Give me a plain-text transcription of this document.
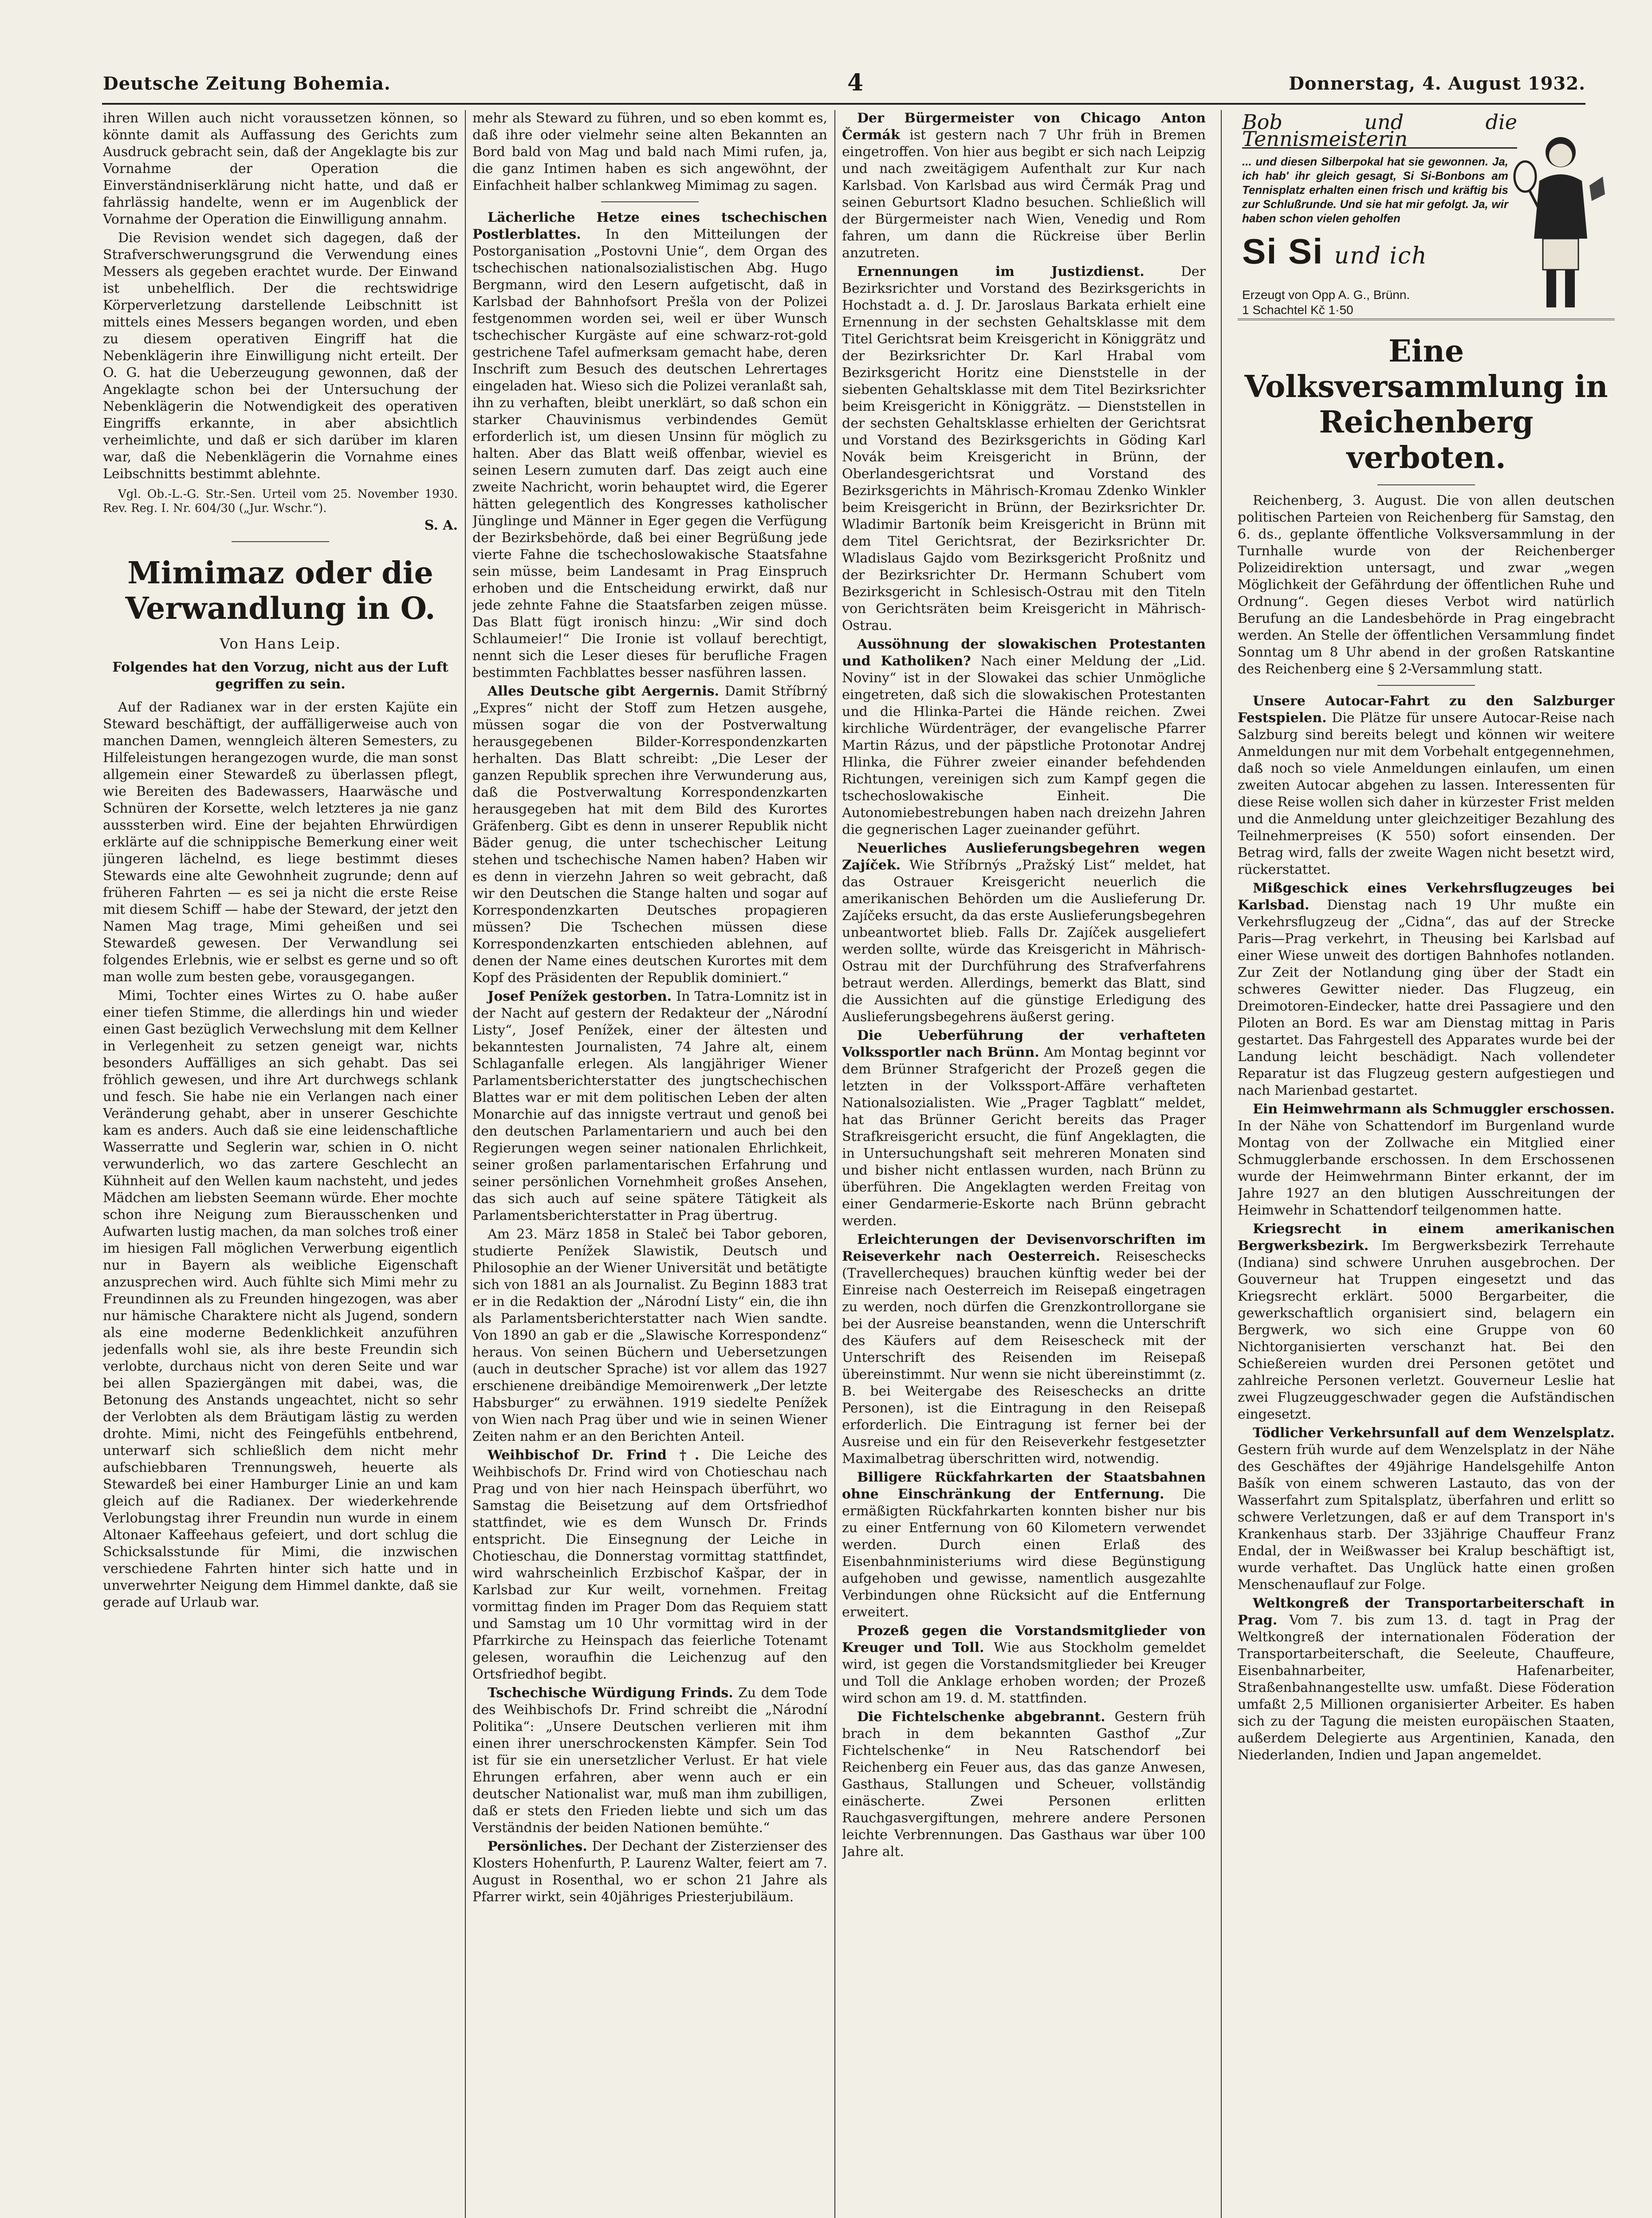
Deutsche Zeitung Bohemia.	4	Donnerstag, 4. August 1932.

ihren Willen auch nicht voraussetzen können, so könnte damit als Auffassung des Gerichts zum Ausdruck gebracht sein, daß der Angeklagte bis zur Vornahme der Operation die Einverständniserklärung nicht hatte, und daß er fahrlässig handelte, wenn er im Augenblick der Vornahme der Operation die Einwilligung annahm.

Die Revision wendet sich dagegen, daß der Strafverschwerungsgrund die Verwendung eines Messers als gegeben erachtet wurde. Der Einwand ist unbehelflich. Der die rechtswidrige Körperverletzung darstellende Leibschnitt ist mittels eines Messers begangen worden, und eben zu diesem operativen Eingriff hat die Nebenklägerin ihre Einwilligung nicht erteilt. Der O. G. hat die Ueberzeugung gewonnen, daß der Angeklagte schon bei der Untersuchung der Nebenklägerin die Notwendigkeit des operativen Eingriffs erkannte, in aber absichtlich verheimlichte, und daß er sich darüber im klaren war, daß die Nebenklägerin die Vornahme eines Leibschnitts bestimmt ablehnte.

Vgl. Ob.-L.-G. Str.-Sen. Urteil vom 25. November 1930. Rev. Reg. I. Nr. 604/30 („Jur. Wschr.“).

S. A.
Mimimaz oder die Verwandlung in O.
Von Hans Leip.
Folgendes hat den Vorzug, nicht aus der Luft gegriffen zu sein.

Auf der Radianex war in der ersten Kajüte ein Steward beschäftigt, der auffälligerweise auch von manchen Damen, wenngleich älteren Semesters, zu Hilfeleistungen herangezogen wurde, die man sonst allgemein einer Stewardeß zu überlassen pflegt, wie Bereiten des Badewassers, Haarwäsche und Schnüren der Korsette, welch letzteres ja nie ganz ausssterben wird. Eine der bejahten Ehrwürdigen erklärte auf die schnippische Bemerkung einer weit jüngeren lächelnd, es liege bestimmt dieses Stewards eine alte Gewohnheit zugrunde; denn auf früheren Fahrten — es sei ja nicht die erste Reise mit diesem Schiff — habe der Steward, der jetzt den Namen Mag trage, Mimi geheißen und sei Stewardeß gewesen. Der Verwandlung sei folgendes Erlebnis, wie er selbst es gerne und so oft man wolle zum besten gebe, vorausgegangen.

Mimi, Tochter eines Wirtes zu O. habe außer einer tiefen Stimme, die allerdings hin und wieder einen Gast bezüglich Verwechslung mit dem Kellner in Verlegenheit zu setzen geneigt war, nichts besonders Auffälliges an sich gehabt. Das sei fröhlich gewesen, und ihre Art durchwegs schlank und fesch. Sie habe nie ein Verlangen nach einer Veränderung gehabt, aber in unserer Geschichte kam es anders. Auch daß sie eine leidenschaftliche Wasserratte und Seglerin war, schien in O. nicht verwunderlich, wo das zartere Geschlecht an Kühnheit auf den Wellen kaum nachsteht, und jedes Mädchen am liebsten Seemann würde. Eher mochte schon ihre Neigung zum Bierausschenken und Aufwarten lustig machen, da man solches troß einer im hiesigen Fall möglichen Verwerbung eigentlich nur in Bayern als weibliche Eigenschaft anzusprechen wird. Auch fühlte sich Mimi mehr zu Freundinnen als zu Freunden hingezogen, was aber nur hämische Charaktere nicht als Jugend, sondern als eine moderne Bedenklichkeit anzuführen jedenfalls wohl sie, als ihre beste Freundin sich verlobte, durchaus nicht von deren Seite und war bei allen Spaziergängen mit dabei, was, die Betonung des Anstands ungeachtet, nicht so sehr der Verlobten als dem Bräutigam lästig zu werden drohte. Mimi, nicht des Feingefühls entbehrend, unterwarf sich schließlich dem nicht mehr aufschiebbaren Trennungsweh, heuerte als Stewardeß bei einer Hamburger Linie an und kam gleich auf die Radianex. Der wiederkehrende Verlobungstag ihrer Freundin nun wurde in einem Altonaer Kaffeehaus gefeiert, und dort schlug die Schicksalsstunde für Mimi, die inzwischen verschiedene Fahrten hinter sich hatte und in unverwehrter Neigung dem Himmel dankte, daß sie gerade auf Urlaub war.

mehr als Steward zu führen, und so eben kommt es, daß ihre oder vielmehr seine alten Bekannten an Bord bald von Mag und bald nach Mimi rufen, ja, die ganz Intimen haben es sich angewöhnt, der Einfachheit halber schlankweg Mimimag zu sagen.

Lächerliche Hetze eines tschechischen Postlerblattes. In den Mitteilungen der Postorganisation „Postovni Unie“, dem Organ des tschechischen nationalsozialistischen Abg. Hugo Bergmann, wird den Lesern aufgetischt, daß in Karlsbad der Bahnhofsort Prešla von der Polizei festgenommen worden sei, weil er über Wunsch tschechischer Kurgäste auf eine schwarz-rot-gold gestrichene Tafel aufmerksam gemacht habe, deren Inschrift zum Besuch des deutschen Lehrertages eingeladen hat. Wieso sich die Polizei veranlaßt sah, ihn zu verhaften, bleibt unerklärt, so daß schon ein starker Chauvinismus verbindendes Gemüt erforderlich ist, um diesen Unsinn für möglich zu halten. Aber das Blatt weiß offenbar, wieviel es seinen Lesern zumuten darf. Das zeigt auch eine zweite Nachricht, worin behauptet wird, die Egerer hätten gelegentlich des Kongresses katholischer Jünglinge und Männer in Eger gegen die Verfügung der Bezirksbehörde, daß bei einer Begrüßung jede vierte Fahne die tschechoslowakische Staatsfahne sein müsse, beim Landesamt in Prag Einspruch erhoben und die Entscheidung erwirkt, daß nur jede zehnte Fahne die Staatsfarben zeigen müsse. Das Blatt fügt ironisch hinzu: „Wir sind doch Schlaumeier!“ Die Ironie ist vollauf berechtigt, nennt sich die Leser dieses für berufliche Fragen bestimmten Fachblattes besser nasführen lassen.

Alles Deutsche gibt Aergernis. Damit Stříbrný „Expres“ nicht der Stoff zum Hetzen ausgehe, müssen sogar die von der Postverwaltung herausgegebenen Bilder-Korrespondenzkarten herhalten. Das Blatt schreibt: „Die Leser der ganzen Republik sprechen ihre Verwunderung aus, daß die Postverwaltung Korrespondenzkarten herausgegeben hat mit dem Bild des Kurortes Gräfenberg. Gibt es denn in unserer Republik nicht Bäder genug, die unter tschechischer Leitung stehen und tschechische Namen haben? Haben wir es denn in vierzehn Jahren so weit gebracht, daß wir den Deutschen die Stange halten und sogar auf Korrespondenzkarten Deutsches propagieren müssen? Die Tschechen müssen diese Korrespondenzkarten entschieden ablehnen, auf denen der Name eines deutschen Kurortes mit dem Kopf des Präsidenten der Republik dominiert.“

Josef Penížek gestorben. In Tatra-Lomnitz ist in der Nacht auf gestern der Redakteur der „Národní Listy“, Josef Penížek, einer der ältesten und bekanntesten Journalisten, 74 Jahre alt, einem Schlaganfalle erlegen. Als langjähriger Wiener Parlamentsberichterstatter des jungtschechischen Blattes war er mit dem politischen Leben der alten Monarchie auf das innigste vertraut und genoß bei den deutschen Parlamentariern und auch bei den Regierungen wegen seiner nationalen Ehrlichkeit, seiner großen parlamentarischen Erfahrung und seiner persönlichen Vornehmheit großes Ansehen, das sich auch auf seine spätere Tätigkeit als Parlamentsberichterstatter in Prag übertrug.

Am 23. März 1858 in Staleč bei Tabor geboren, studierte Penížek Slawistik, Deutsch und Philosophie an der Wiener Universität und betätigte sich von 1881 an als Journalist. Zu Beginn 1883 trat er in die Redaktion der „Národní Listy“ ein, die ihn als Parlamentsberichterstatter nach Wien sandte. Von 1890 an gab er die „Slawische Korrespondenz“ heraus. Von seinen Büchern und Uebersetzungen (auch in deutscher Sprache) ist vor allem das 1927 erschienene dreibändige Memoirenwerk „Der letzte Habsburger“ zu erwähnen. 1919 siedelte Penížek von Wien nach Prag über und wie in seinen Wiener Zeiten nahm er an den Berichten Anteil.

Weihbischof Dr. Frind †. Die Leiche des Weihbischofs Dr. Frind wird von Chotieschau nach Prag und von hier nach Heinspach überführt, wo Samstag die Beisetzung auf dem Ortsfriedhof stattfindet, wie es dem Wunsch Dr. Frinds entspricht. Die Einsegnung der Leiche in Chotieschau, die Donnerstag vormittag stattfindet, wird wahrscheinlich Erzbischof Kašpar, der in Karlsbad zur Kur weilt, vornehmen. Freitag vormittag finden im Prager Dom das Requiem statt und Samstag um 10 Uhr vormittag wird in der Pfarrkirche zu Heinspach das feierliche Totenamt gelesen, woraufhin die Leichenzug auf den Ortsfriedhof begibt.

Tschechische Würdigung Frinds. Zu dem Tode des Weihbischofs Dr. Frind schreibt die „Národní Politika“: „Unsere Deutschen verlieren mit ihm einen ihrer unerschrockensten Kämpfer. Sein Tod ist für sie ein unersetzlicher Verlust. Er hat viele Ehrungen erfahren, aber wenn auch er ein deutscher Nationalist war, muß man ihm zubilligen, daß er stets den Frieden liebte und sich um das Verständnis der beiden Nationen bemühte.“

Persönliches. Der Dechant der Zisterzienser des Klosters Hohenfurth, P. Laurenz Walter, feiert am 7. August in Rosenthal, wo er schon 21 Jahre als Pfarrer wirkt, sein 40jähriges Priesterjubiläum.

Der Bürgermeister von Chicago Anton Čermák ist gestern nach 7 Uhr früh in Bremen eingetroffen. Von hier aus begibt er sich nach Leipzig und nach zweitägigem Aufenthalt zur Kur nach Karlsbad. Von Karlsbad aus wird Čermák Prag und seinen Geburtsort Kladno besuchen. Schließlich will der Bürgermeister nach Wien, Venedig und Rom fahren, um dann die Rückreise über Berlin anzutreten.

Ernennungen im Justizdienst.	Der Bezirksrichter und Vorstand des Bezirksgerichts in Hochstadt a. d. J. Dr. Jaroslaus Barkata erhielt eine Ernennung in der sechsten Gehaltsklasse mit dem Titel Gerichtsrat beim Kreisgericht in Königgrätz und der Bezirksrichter Dr. Karl Hrabal vom Bezirksgericht Horitz eine Dienststelle in der siebenten Gehaltsklasse mit dem Titel Bezirksrichter beim Kreisgericht in Königgrätz. — Dienststellen in der sechsten Gehaltsklasse erhielten der Gerichtsrat und Vorstand des Bezirksgerichts in Göding Karl Novák beim Kreisgericht in Brünn, der Oberlandesgerichtsrat und Vorstand des Bezirksgerichts in Mährisch-Kromau Zdenko Winkler beim Kreisgericht in Brünn, der Bezirksrichter Dr. Wladimir Bartoník beim Kreisgericht in Brünn mit dem Titel Gerichtsrat, der Bezirksrichter Dr. Wladislaus Gajdo vom Bezirksgericht Proßnitz und der Bezirksrichter Dr. Hermann Schubert vom Bezirksgericht in Schlesisch-Ostrau mit den Titeln von Gerichtsräten beim Kreisgericht in Mährisch-Ostrau.

Aussöhnung der slowakischen Protestanten und Katholiken? Nach einer Meldung der „Lid. Noviny“ ist in der Slowakei das schier Unmögliche eingetreten, daß sich die slowakischen Protestanten und die Hlinka-Partei die Hände reichen. Zwei kirchliche Würdenträger, der evangelische Pfarrer Martin Rázus, und der päpstliche Protonotar Andrej Hlinka, die Führer zweier einander befehdenden Richtungen, vereinigen sich zum Kampf gegen die tschechoslowakische Einheit. Die Autonomiebestrebungen haben nach dreizehn Jahren die gegnerischen Lager zueinander geführt.

Neuerliches Auslieferungsbegehren wegen Zajíček. Wie Stříbrnýs „Pražský List“ meldet, hat das Ostrauer Kreisgericht neuerlich die amerikanischen Behörden um die Auslieferung Dr. Zajíčeks ersucht, da das erste Auslieferungsbegehren unbeantwortet blieb. Falls Dr. Zajíček ausgeliefert werden sollte, würde das Kreisgericht in Mährisch-Ostrau mit der Durchführung des Strafverfahrens betraut werden. Allerdings, bemerkt das Blatt, sind die Aussichten auf die günstige Erledigung des Auslieferungsbegehrens äußerst gering.

Die Ueberführung der verhafteten Volkssportler nach Brünn. Am Montag beginnt vor dem Brünner Strafgericht der Prozeß gegen die letzten in der Volkssport-Affäre verhafteten Nationalsozialisten. Wie „Prager Tagblatt“ meldet, hat das Brünner Gericht bereits das Prager Strafkreisgericht ersucht, die fünf Angeklagten, die in Untersuchungshaft seit mehreren Monaten sind und bisher nicht entlassen wurden, nach Brünn zu überführen. Die Angeklagten werden Freitag von einer Gendarmerie-Eskorte nach Brünn gebracht werden.

Erleichterungen der Devisenvorschriften im Reiseverkehr nach Oesterreich. Reiseschecks (Travellercheques) brauchen künftig weder bei der Einreise nach Oesterreich im Reisepaß eingetragen zu werden, noch dürfen die Grenzkontrollorgane sie bei der Ausreise beanstanden, wenn die Unterschrift des Käufers auf dem Reisescheck mit der Unterschrift des Reisenden im Reisepaß übereinstimmt. Nur wenn sie nicht übereinstimmt (z. B. bei Weitergabe des Reiseschecks an dritte Personen), ist die Eintragung in den Reisepaß erforderlich. Die Eintragung ist ferner bei der Ausreise und ein für den Reiseverkehr festgesetzter Maximalbetrag überschritten wird, notwendig.

Billigere Rückfahrkarten der Staatsbahnen ohne Einschränkung der Entfernung. Die ermäßigten Rückfahrkarten konnten bisher nur bis zu einer Entfernung von 60 Kilometern verwendet werden. Durch einen Erlaß des Eisenbahnministeriums wird diese Begünstigung aufgehoben und gewisse, namentlich ausgezahlte Verbindungen ohne Rücksicht auf die Entfernung erweitert.

Prozeß gegen die Vorstandsmitglieder von Kreuger und Toll. Wie aus Stockholm gemeldet wird, ist gegen die Vorstandsmitglieder bei Kreuger und Toll die Anklage erhoben worden; der Prozeß wird schon am 19. d. M. stattfinden.

Die Fichtelschenke abgebrannt. Gestern früh brach in dem bekannten Gasthof „Zur Fichtelschenke“ in Neu Ratschendorf bei Reichenberg ein Feuer aus, das das ganze Anwesen, Gasthaus, Stallungen und Scheuer, vollständig einäscherte. Zwei Personen erlitten Rauchgasvergiftungen, mehrere andere Personen leichte Verbrennungen. Das Gasthaus war über 100 Jahre alt.

Bob und die Tennismeisterin
... und diesen Silberpokal hat sie gewonnen. Ja, ich hab' ihr gleich gesagt, Si Si-Bonbons am Tennisplatz erhalten einen frisch und kräftig bis zur Schlußrunde. Und sie hat mir gefolgt. Ja, wir haben schon vielen geholfen
Si Si und ich
Erzeugt von Opp A. G., Brünn.
1 Schachtel Kč 1·50
Eine Volksversammlung in Reichenberg verboten.

Reichenberg, 3. August. Die von allen deutschen politischen Parteien von Reichenberg für Samstag, den 6. ds., geplante öffentliche Volksversammlung in der Turnhalle wurde von der Reichenberger Polizeidirektion untersagt, und zwar „wegen Möglichkeit der Gefährdung der öffentlichen Ruhe und Ordnung“. Gegen dieses Verbot wird natürlich Berufung an die Landesbehörde in Prag eingebracht werden. An Stelle der öffentlichen Versammlung findet Sonntag um 8 Uhr abend in der großen Ratskantine des Reichenberg eine § 2-Versammlung statt.

Unsere Autocar-Fahrt zu den Salzburger Festspielen. Die Plätze für unsere Autocar-Reise nach Salzburg sind bereits belegt und können wir weitere Anmeldungen nur mit dem Vorbehalt entgegennehmen, daß noch so viele Anmeldungen einlaufen, um einen zweiten Autocar abgehen zu lassen. Interessenten für diese Reise wollen sich daher in kürzester Frist melden und die Anmeldung unter gleichzeitiger Bezahlung des Teilnehmerpreises (K 550) sofort einsenden. Der Betrag wird, falls der zweite Wagen nicht besetzt wird, rückerstattet.

Mißgeschick eines Verkehrsflugzeuges bei Karlsbad. Dienstag nach 19 Uhr mußte ein Verkehrsflugzeug der „Cidna“, das auf der Strecke Paris—Prag verkehrt, in Theusing bei Karlsbad auf einer Wiese unweit des dortigen Bahnhofes notlanden. Zur Zeit der Notlandung ging über der Stadt ein schweres Gewitter nieder. Das Flugzeug, ein Dreimotoren-Eindecker, hatte drei Passagiere und den Piloten an Bord. Es war am Dienstag mittag in Paris gestartet. Das Fahrgestell des Apparates wurde bei der Landung leicht beschädigt. Nach vollendeter Reparatur ist das Flugzeug gestern aufgestiegen und nach Marienbad gestartet.

Ein Heimwehrmann als Schmuggler erschossen. In der Nähe von Schattendorf im Burgenland wurde Montag von der Zollwache ein Mitglied einer Schmugglerbande erschossen. In dem Erschossenen wurde der Heimwehrmann Binter erkannt, der im Jahre 1927 an den blutigen Ausschreitungen der Heimwehr in Schattendorf teilgenommen hatte.

Kriegsrecht in einem amerikanischen Bergwerksbezirk. Im Bergwerksbezirk Terrehaute (Indiana) sind schwere Unruhen ausgebrochen. Der Gouverneur hat Truppen eingesetzt und das Kriegsrecht erklärt. 5000 Bergarbeiter, die gewerkschaftlich organisiert sind, belagern ein Bergwerk, wo sich eine Gruppe von 60 Nichtorganisierten verschanzt hat. Bei den Schießereien wurden drei Personen getötet und zahlreiche Personen verletzt. Gouverneur Leslie hat zwei Flugzeuggeschwader gegen die Aufständischen eingesetzt.

Tödlicher Verkehrsunfall auf dem Wenzelsplatz. Gestern früh wurde auf dem Wenzelsplatz in der Nähe des Geschäftes der 49jährige Handelsgehilfe Anton Bašík von einem schweren Lastauto, das von der Wasserfahrt zum Spitalsplatz, überfahren und erlitt so schwere Verletzungen, daß er auf dem Transport in's Krankenhaus starb. Der 33jährige Chauffeur Franz Endal, der in Weißwasser bei Kralup beschäftigt ist, wurde verhaftet. Das Unglück hatte einen großen Menschenauflauf zur Folge.

Weltkongreß der Transportarbeiterschaft in Prag. Vom 7. bis zum 13. d. tagt in Prag der Weltkongreß der internationalen Föderation der Transportarbeiterschaft, die Seeleute, Chauffeure, Eisenbahnarbeiter, Hafenarbeiter, Straßenbahnangestellte usw. umfaßt. Diese Föderation umfaßt 2,5 Millionen organisierter Arbeiter. Es haben sich zu der Tagung die meisten europäischen Staaten, außerdem Delegierte aus Argentinien, Kanada, den Niederlanden, Indien und Japan angemeldet.
